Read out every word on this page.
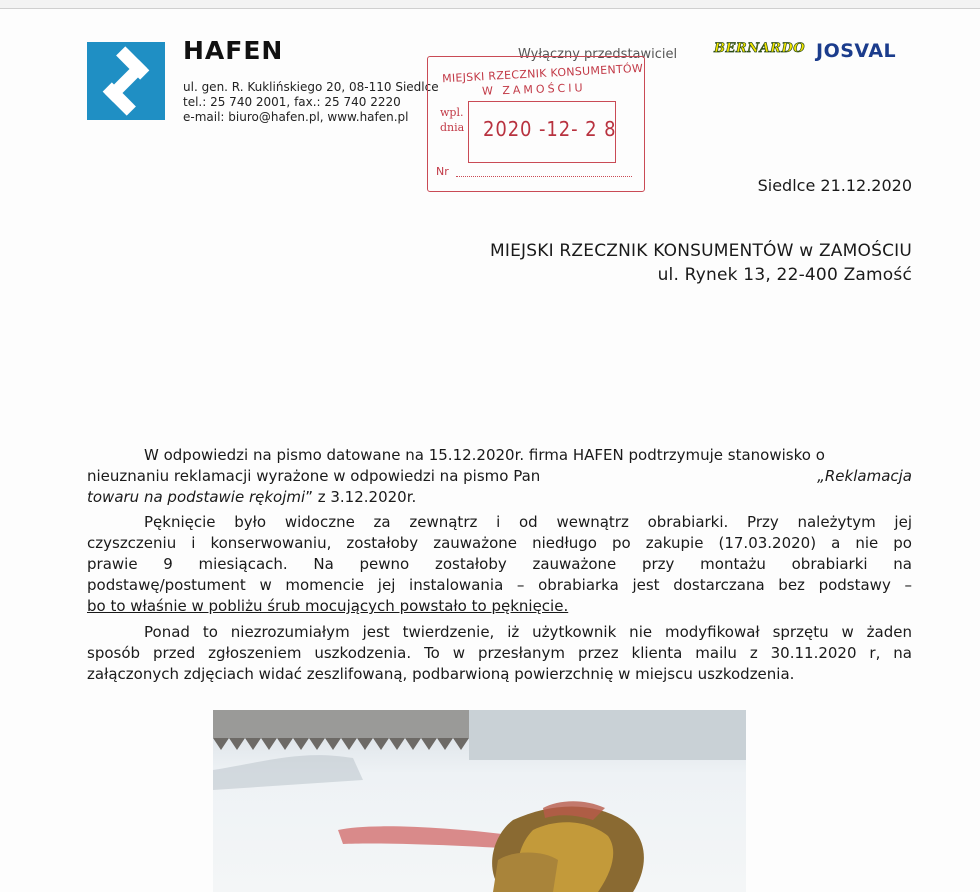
HAFEN
ul. gen. R. Kuklińskiego 20, 08-110 Siedlce
tel.: 25 740 2001, fax.: 25 740 2220
e-mail: biuro@hafen.pl, www.hafen.pl
Wyłączny przedstawiciel	BERNARDO JOSVAL
MIEJSKI RZECZNIK KONSUMENTÓW
W ZAMOŚCIU
wpl.
dnia 2020 -12- 2 8
Nr
Siedlce 21.12.2020
MIEJSKI RZECZNIK KONSUMENTÓW w ZAMOŚCIU
ul. Rynek 13, 22-400 Zamość

W odpowiedzi na pismo datowane na 15.12.2020r. firma HAFEN podtrzymuje stanowisko o

nieuznaniu reklamacji wyrażone w odpowiedzi na pismo Pan	„Reklamacja

towaru na podstawie rękojmi” z 3.12.2020r.

Pęknięcie było widoczne za zewnątrz i od wewnątrz obrabiarki. Przy należytym jej
czyszczeniu i konserwowaniu, zostałoby zauważone niedługo po zakupie (17.03.2020) a nie po
prawie 9 miesiącach. Na pewno zostałoby zauważone przy montażu obrabiarki na
podstawę/postument w momencie jej instalowania – obrabiarka jest dostarczana bez podstawy –
bo to właśnie w pobliżu śrub mocujących powstało to pęknięcie.
Ponad to niezrozumiałym jest twierdzenie, iż użytkownik nie modyfikował sprzętu w żaden
sposób przed zgłoszeniem uszkodzenia. To w przesłanym przez klienta mailu z 30.11.2020 r, na
załączonych zdjęciach widać zeszlifowaną, podbarwioną powierzchnię w miejscu uszkodzenia.
